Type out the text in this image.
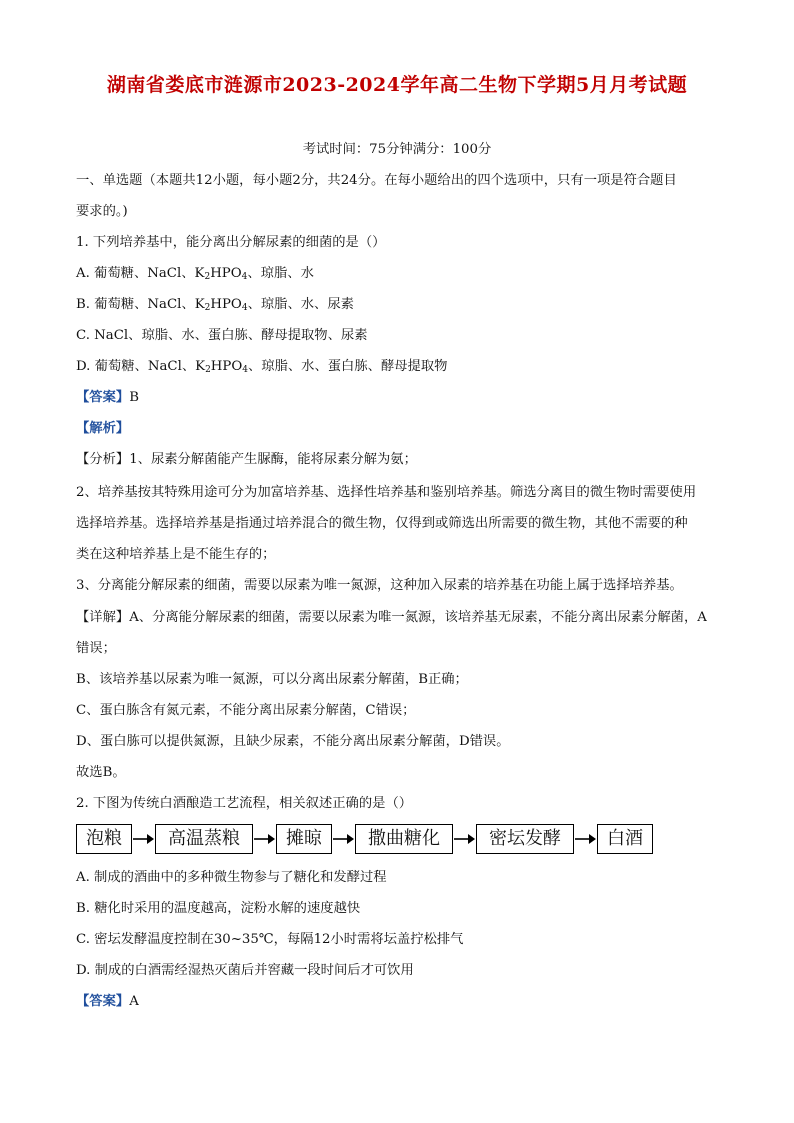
湖南省娄底市涟源市2023-2024学年高二生物下学期5月月考试题
考试时间：75分钟满分：100分
一、单选题（本题共12小题，每小题2分，共24分。在每小题给出的四个选项中，只有一项是符合题目
要求的。)
1. 下列培养基中，能分离出分解尿素的细菌的是（）
A. 葡萄糖、NaCl、$K_2HPO_4$、琼脂、水
B. 葡萄糖、NaCl、$K_2HPO_4$、琼脂、水、尿素
C. NaCl、琼脂、水、蛋白胨、酵母提取物、尿素
D. 葡萄糖、NaCl、$K_2HPO_4$、琼脂、水、蛋白胨、酵母提取物
【答案】B
【解析】
【分析】1、尿素分解菌能产生脲酶，能将尿素分解为氨；
2、培养基按其特殊用途可分为加富培养基、选择性培养基和鉴别培养基。筛选分离目的微生物时需要使用
选择培养基。选择培养基是指通过培养混合的微生物，仅得到或筛选出所需要的微生物，其他不需要的种
类在这种培养基上是不能生存的；
3、分离能分解尿素的细菌，需要以尿素为唯一氮源，这种加入尿素的培养基在功能上属于选择培养基。
【详解】A、分离能分解尿素的细菌，需要以尿素为唯一氮源，该培养基无尿素，不能分离出尿素分解菌，A
错误；
B、该培养基以尿素为唯一氮源，可以分离出尿素分解菌，B正确；
C、蛋白胨含有氮元素，不能分离出尿素分解菌，C错误；
D、蛋白胨可以提供氮源，且缺少尿素，不能分离出尿素分解菌，D错误。
故选B。
2. 下图为传统白酒酿造工艺流程，相关叙述正确的是（）
泡粮	高温蒸粮	摊晾	撒曲糖化	密坛发酵	白酒
A. 制成的酒曲中的多种微生物参与了糖化和发酵过程
B. 糖化时采用的温度越高，淀粉水解的速度越快
C. 密坛发酵温度控制在30~35℃，每隔12小时需将坛盖拧松排气
D. 制成的白酒需经湿热灭菌后并窖藏一段时间后才可饮用
【答案】A
